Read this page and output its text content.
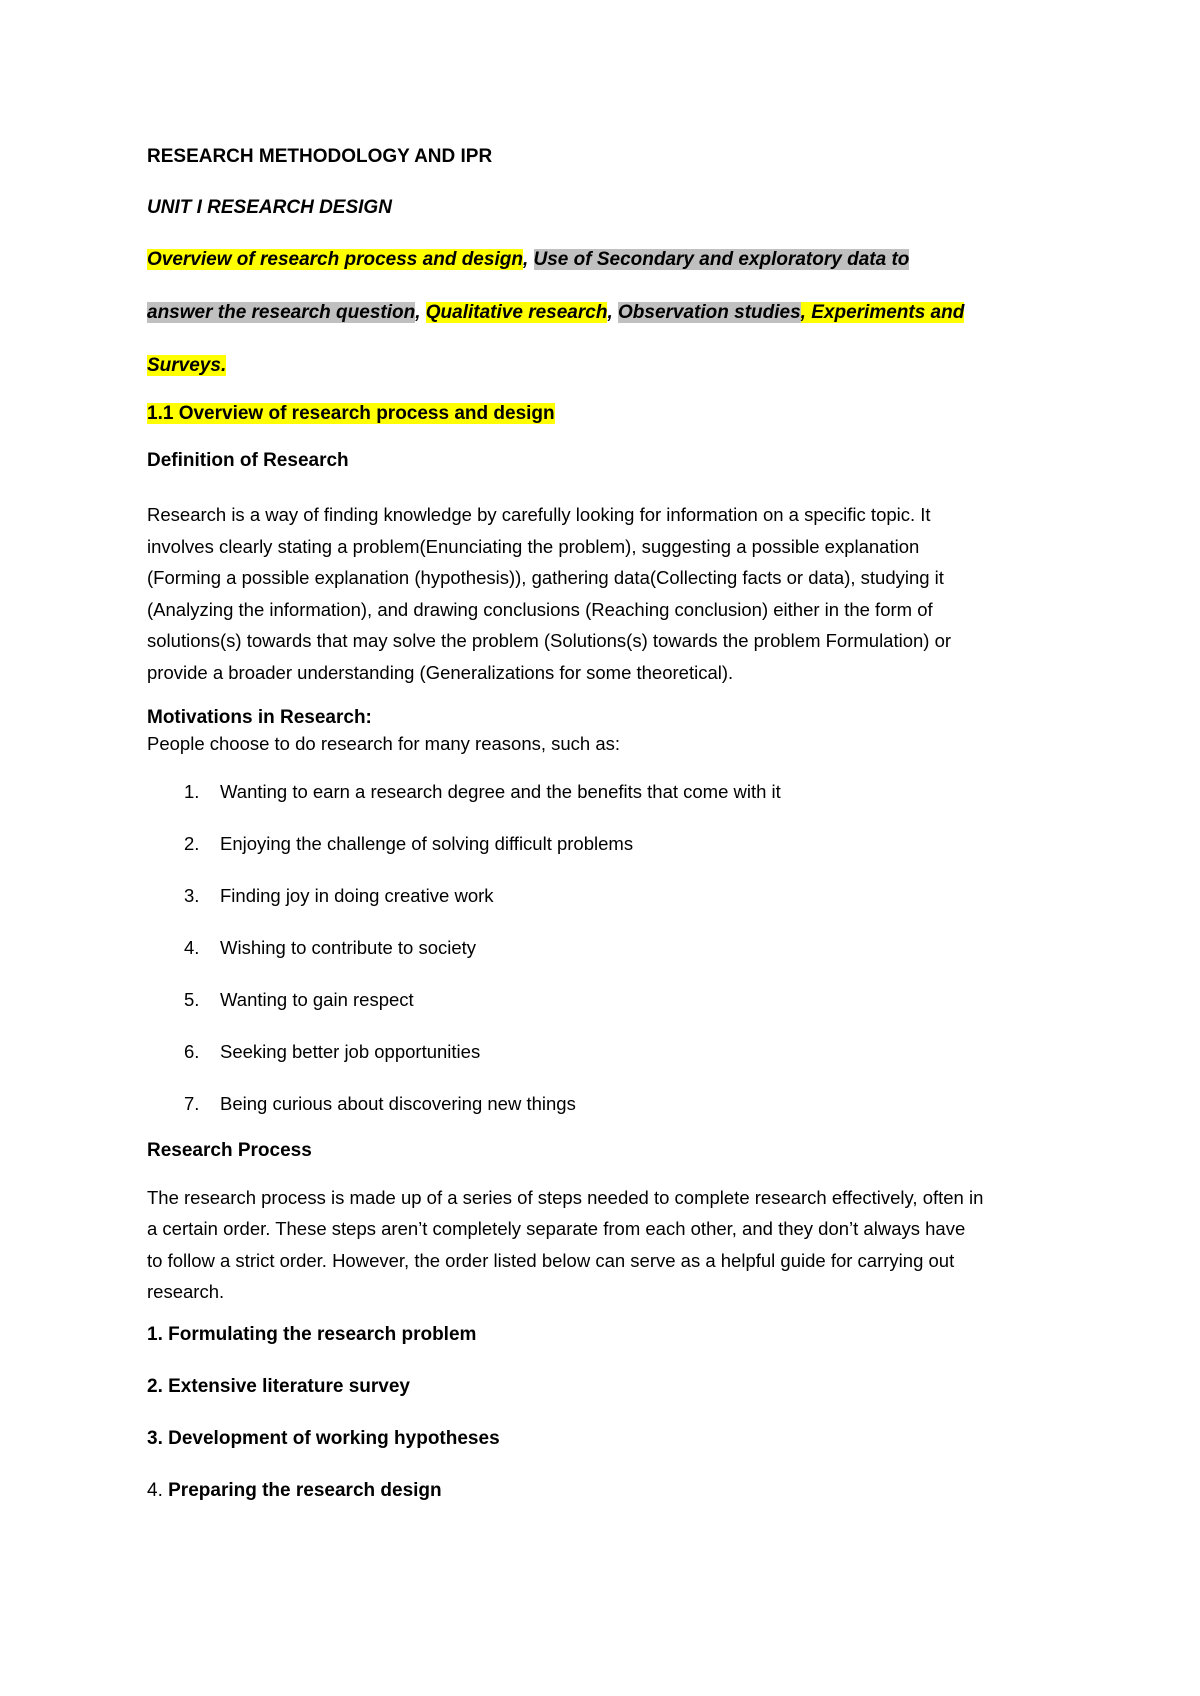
RESEARCH METHODOLOGY AND IPR
UNIT I RESEARCH DESIGN
Overview of research process and design, Use of Secondary and exploratory data to
answer the research question, Qualitative research, Observation studies, Experiments and
Surveys.
1.1 Overview of research process and design
Definition of Research
Research is a way of finding knowledge by carefully looking for information on a specific topic. It
involves clearly stating a problem(Enunciating the problem), suggesting a possible explanation
(Forming a possible explanation (hypothesis)), gathering data(Collecting facts or data), studying it
(Analyzing the information), and drawing conclusions (Reaching conclusion) either in the form of
solutions(s) towards that may solve the problem (Solutions(s) towards the problem Formulation) or
provide a broader understanding (Generalizations for some theoretical).
Motivations in Research:
People choose to do research for many reasons, such as:
1. Wanting to earn a research degree and the benefits that come with it
2. Enjoying the challenge of solving difficult problems
3. Finding joy in doing creative work
4. Wishing to contribute to society
5. Wanting to gain respect
6. Seeking better job opportunities
7. Being curious about discovering new things
Research Process
The research process is made up of a series of steps needed to complete research effectively, often in
a certain order. These steps aren’t completely separate from each other, and they don’t always have
to follow a strict order. However, the order listed below can serve as a helpful guide for carrying out
research.
1. Formulating the research problem
2. Extensive literature survey
3. Development of working hypotheses
4. Preparing the research design
